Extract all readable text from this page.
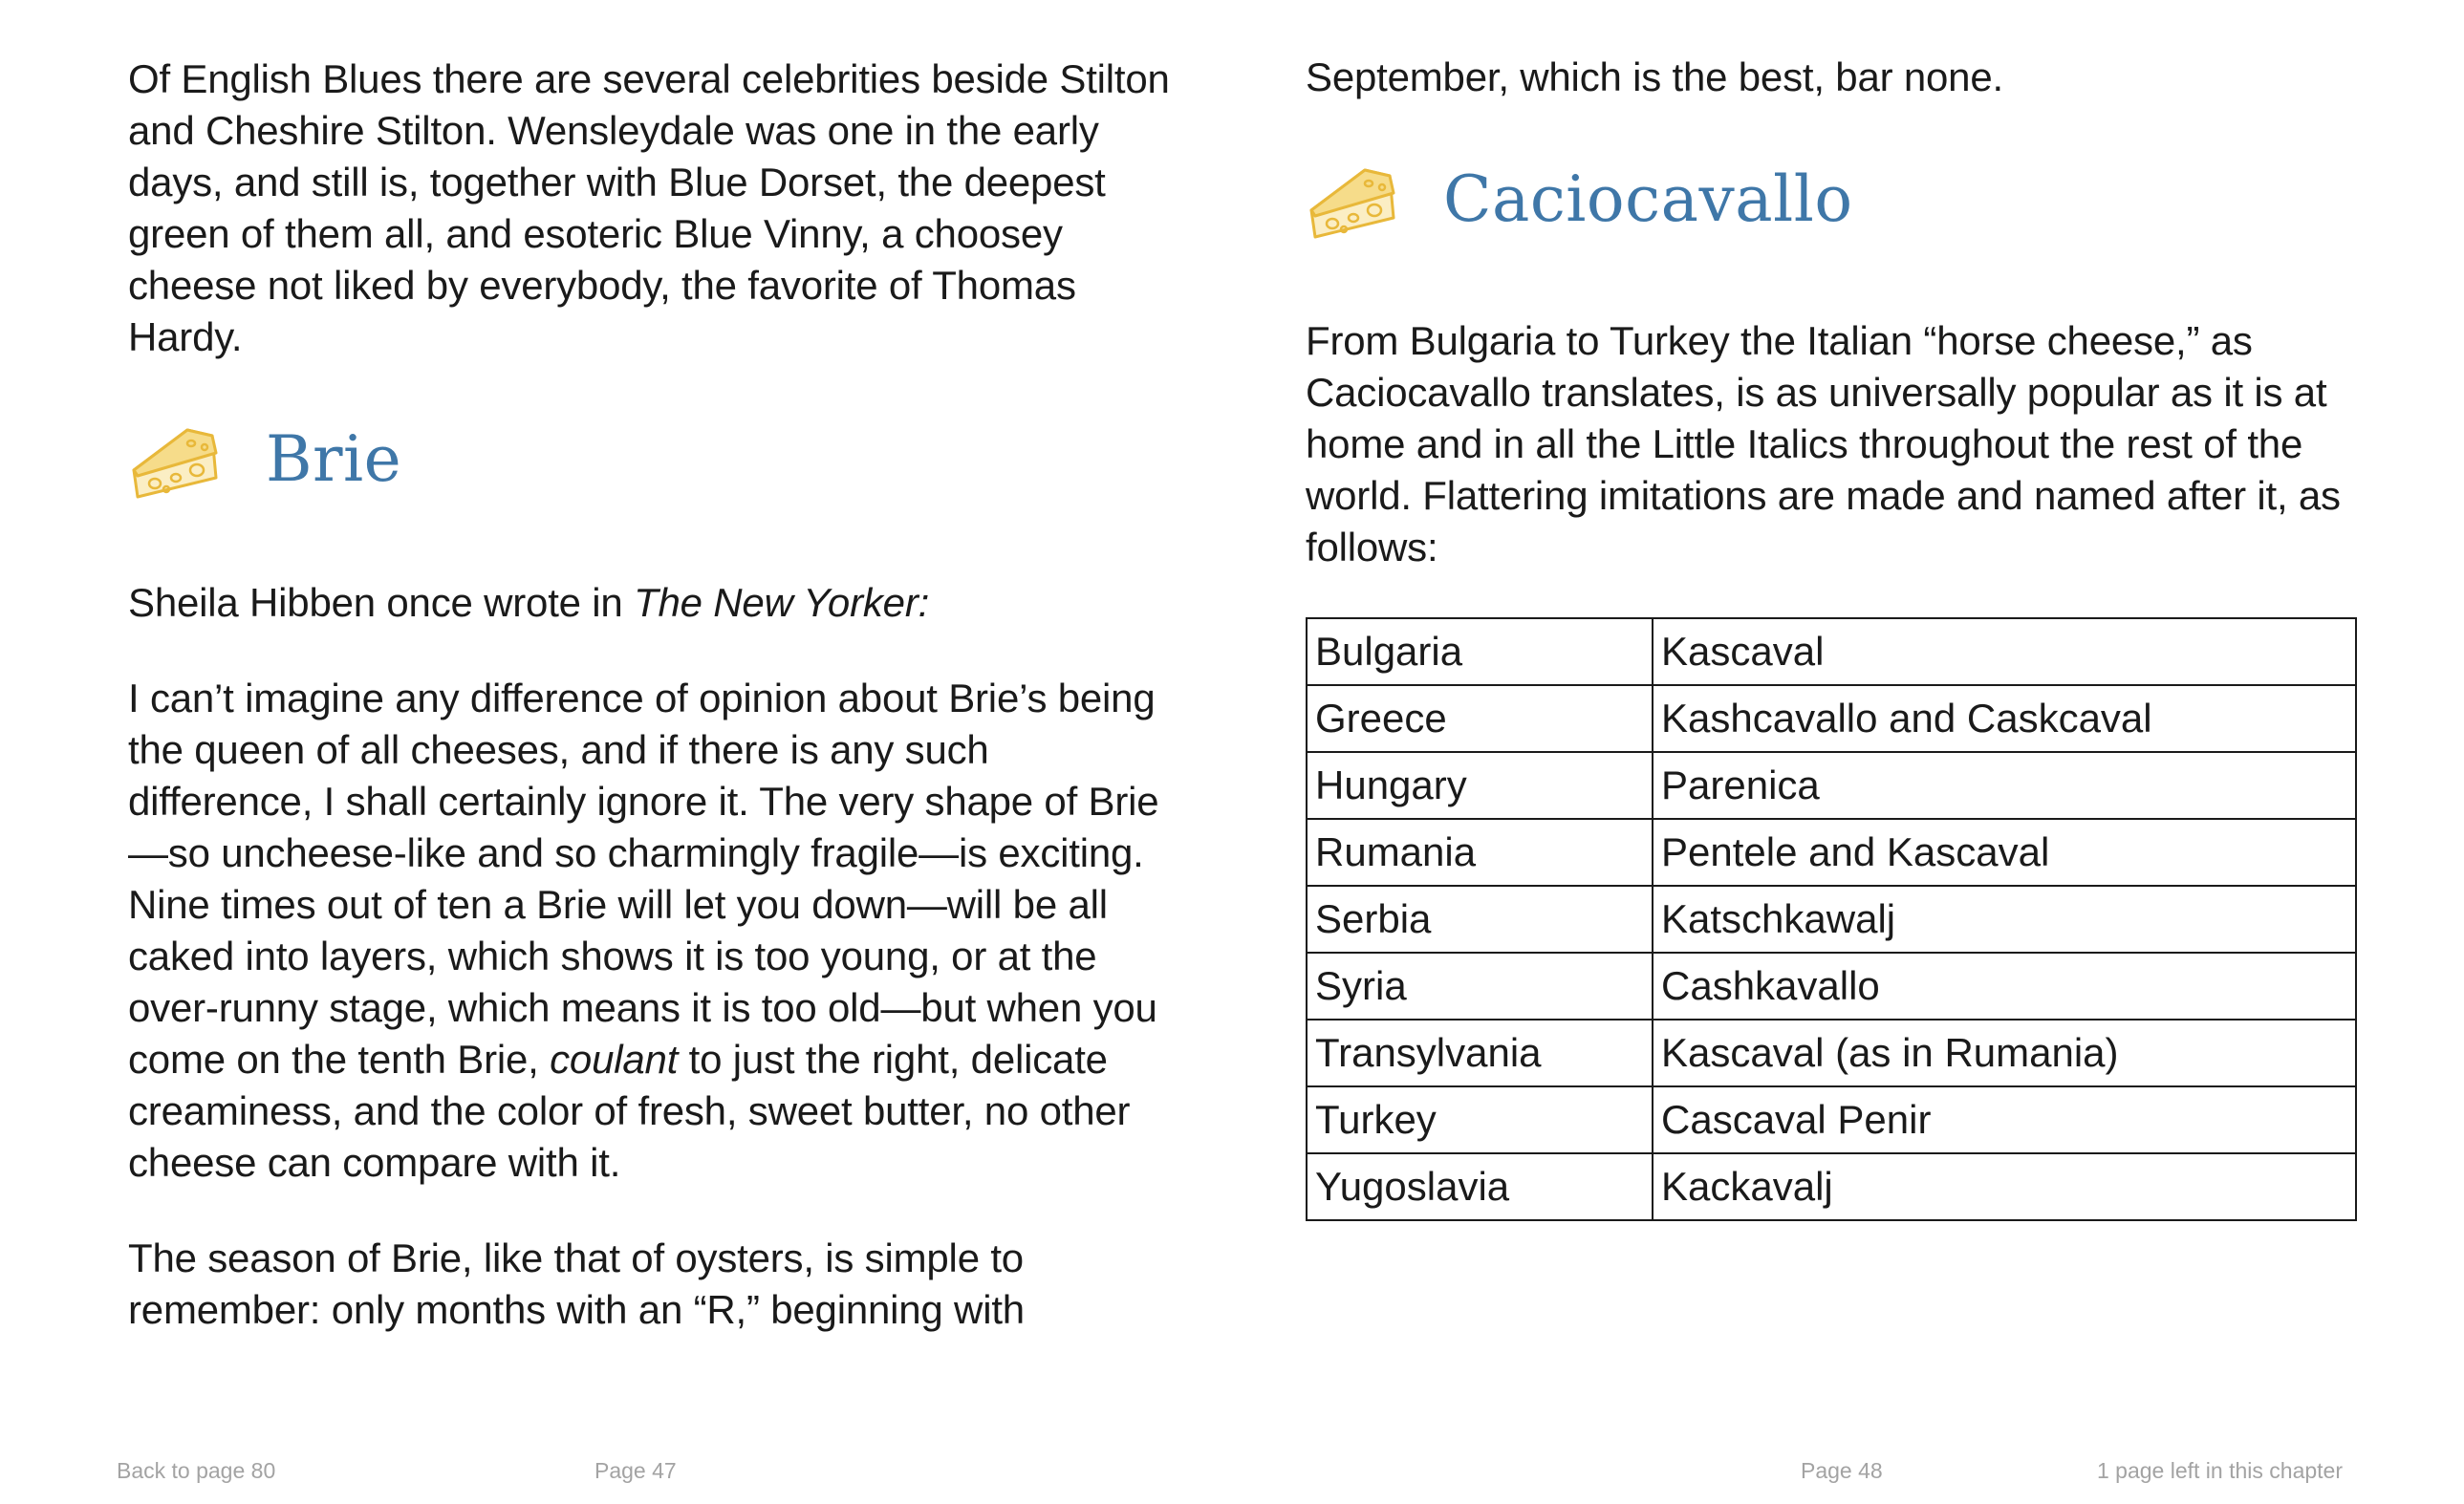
Of English Blues there are several celebrities beside Stilton and Cheshire Stilton. Wensleydale was one in the early days, and still is, together with Blue Dorset, the deepest green of them all, and esoteric Blue Vinny, a choosey cheese not liked by everybody, the favorite of Thomas Hardy.

Brie

Sheila Hibben once wrote in The New Yorker:

I can’t imagine any difference of opinion about Brie’s being the queen of all cheeses, and if there is any such difference, I shall certainly ignore it. The very shape of Brie—so uncheese-like and so charmingly fragile—is exciting. Nine times out of ten a Brie will let you down—will be all caked into layers, which shows it is too young, or at the over-runny stage, which means it is too old—but when you come on the tenth Brie, coulant to just the right, delicate creaminess, and the color of fresh, sweet butter, no other cheese can compare with it.

The season of Brie, like that of oysters, is simple to remember: only months with an “R,” beginning with

September, which is the best, bar none.

Caciocavallo

From Bulgaria to Turkey the Italian “horse cheese,” as Caciocavallo translates, is as universally popular as it is at home and in all the Little Italics throughout the rest of the world. Flattering imitations are made and named after it, as follows:

Bulgaria	Kascaval
Greece	Kashcavallo and Caskcaval
Hungary	Parenica
Rumania	Pentele and Kascaval
Serbia	Katschkawalj
Syria	Cashkavallo
Transylvania	Kascaval (as in Rumania)
Turkey	Cascaval Penir
Yugoslavia	Kackavalj
Back to page 80	Page 47	Page 48	1 page left in this chapter
